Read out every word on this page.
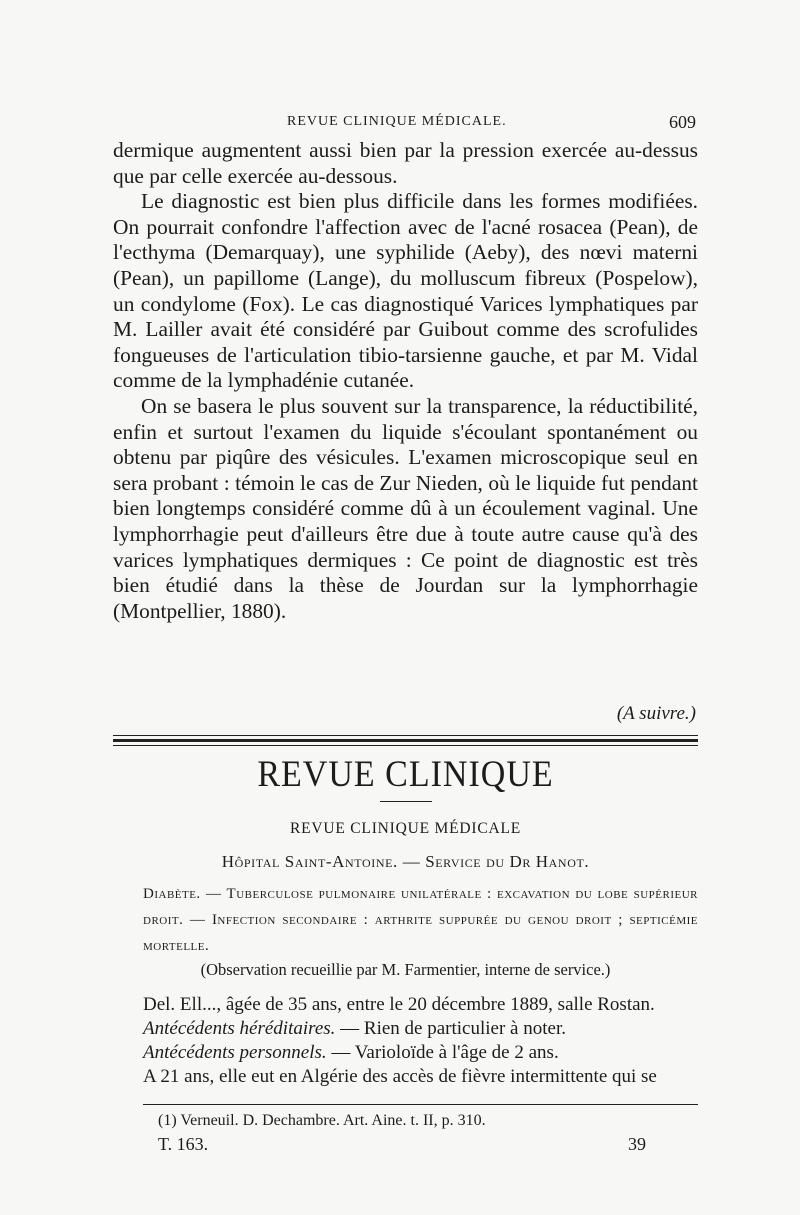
REVUE CLINIQUE MÉDICALE.	609

dermique augmentent aussi bien par la pression exercée au-dessus que par celle exercée au-dessous.

Le diagnostic est bien plus difficile dans les formes modifiées. On pourrait confondre l'affection avec de l'acné rosacea (Pean), de l'ecthyma (Demarquay), une syphilide (Aeby), des nœvi materni (Pean), un papillome (Lange), du molluscum fibreux (Pospelow), un condylome (Fox). Le cas diagnostiqué Varices lymphatiques par M. Lailler avait été considéré par Guibout comme des scrofulides fongueuses de l'articulation tibio-tarsienne gauche, et par M. Vidal comme de la lymphadénie cutanée.

On se basera le plus souvent sur la transparence, la réductibilité, enfin et surtout l'examen du liquide s'écoulant spontanément ou obtenu par piqûre des vésicules. L'examen microscopique seul en sera probant : témoin le cas de Zur Nieden, où le liquide fut pendant bien longtemps considéré comme dû à un écoulement vaginal. Une lymphorrhagie peut d'ailleurs être due à toute autre cause qu'à des varices lymphatiques dermiques : Ce point de diagnostic est très bien étudié dans la thèse de Jourdan sur la lymphorrhagie (Montpellier, 1880).

(A suivre.)
REVUE CLINIQUE
REVUE CLINIQUE MÉDICALE
Hôpital Saint-Antoine. — Service du Dr Hanot.
Diabète. — Tuberculose pulmonaire unilatérale : excavation du lobe supérieur droit. — Infection secondaire : arthrite suppurée du genou droit ; septicémie mortelle.
(Observation recueillie par M. Farmentier, interne de service.)

Del. Ell..., âgée de 35 ans, entre le 20 décembre 1889, salle Rostan.

Antécédents héréditaires. — Rien de particulier à noter.

Antécédents personnels. — Varioloïde à l'âge de 2 ans.

A 21 ans, elle eut en Algérie des accès de fièvre intermittente qui se

(1) Verneuil. D. Dechambre. Art. Aine. t. II, p. 310.
T. 163.	39
